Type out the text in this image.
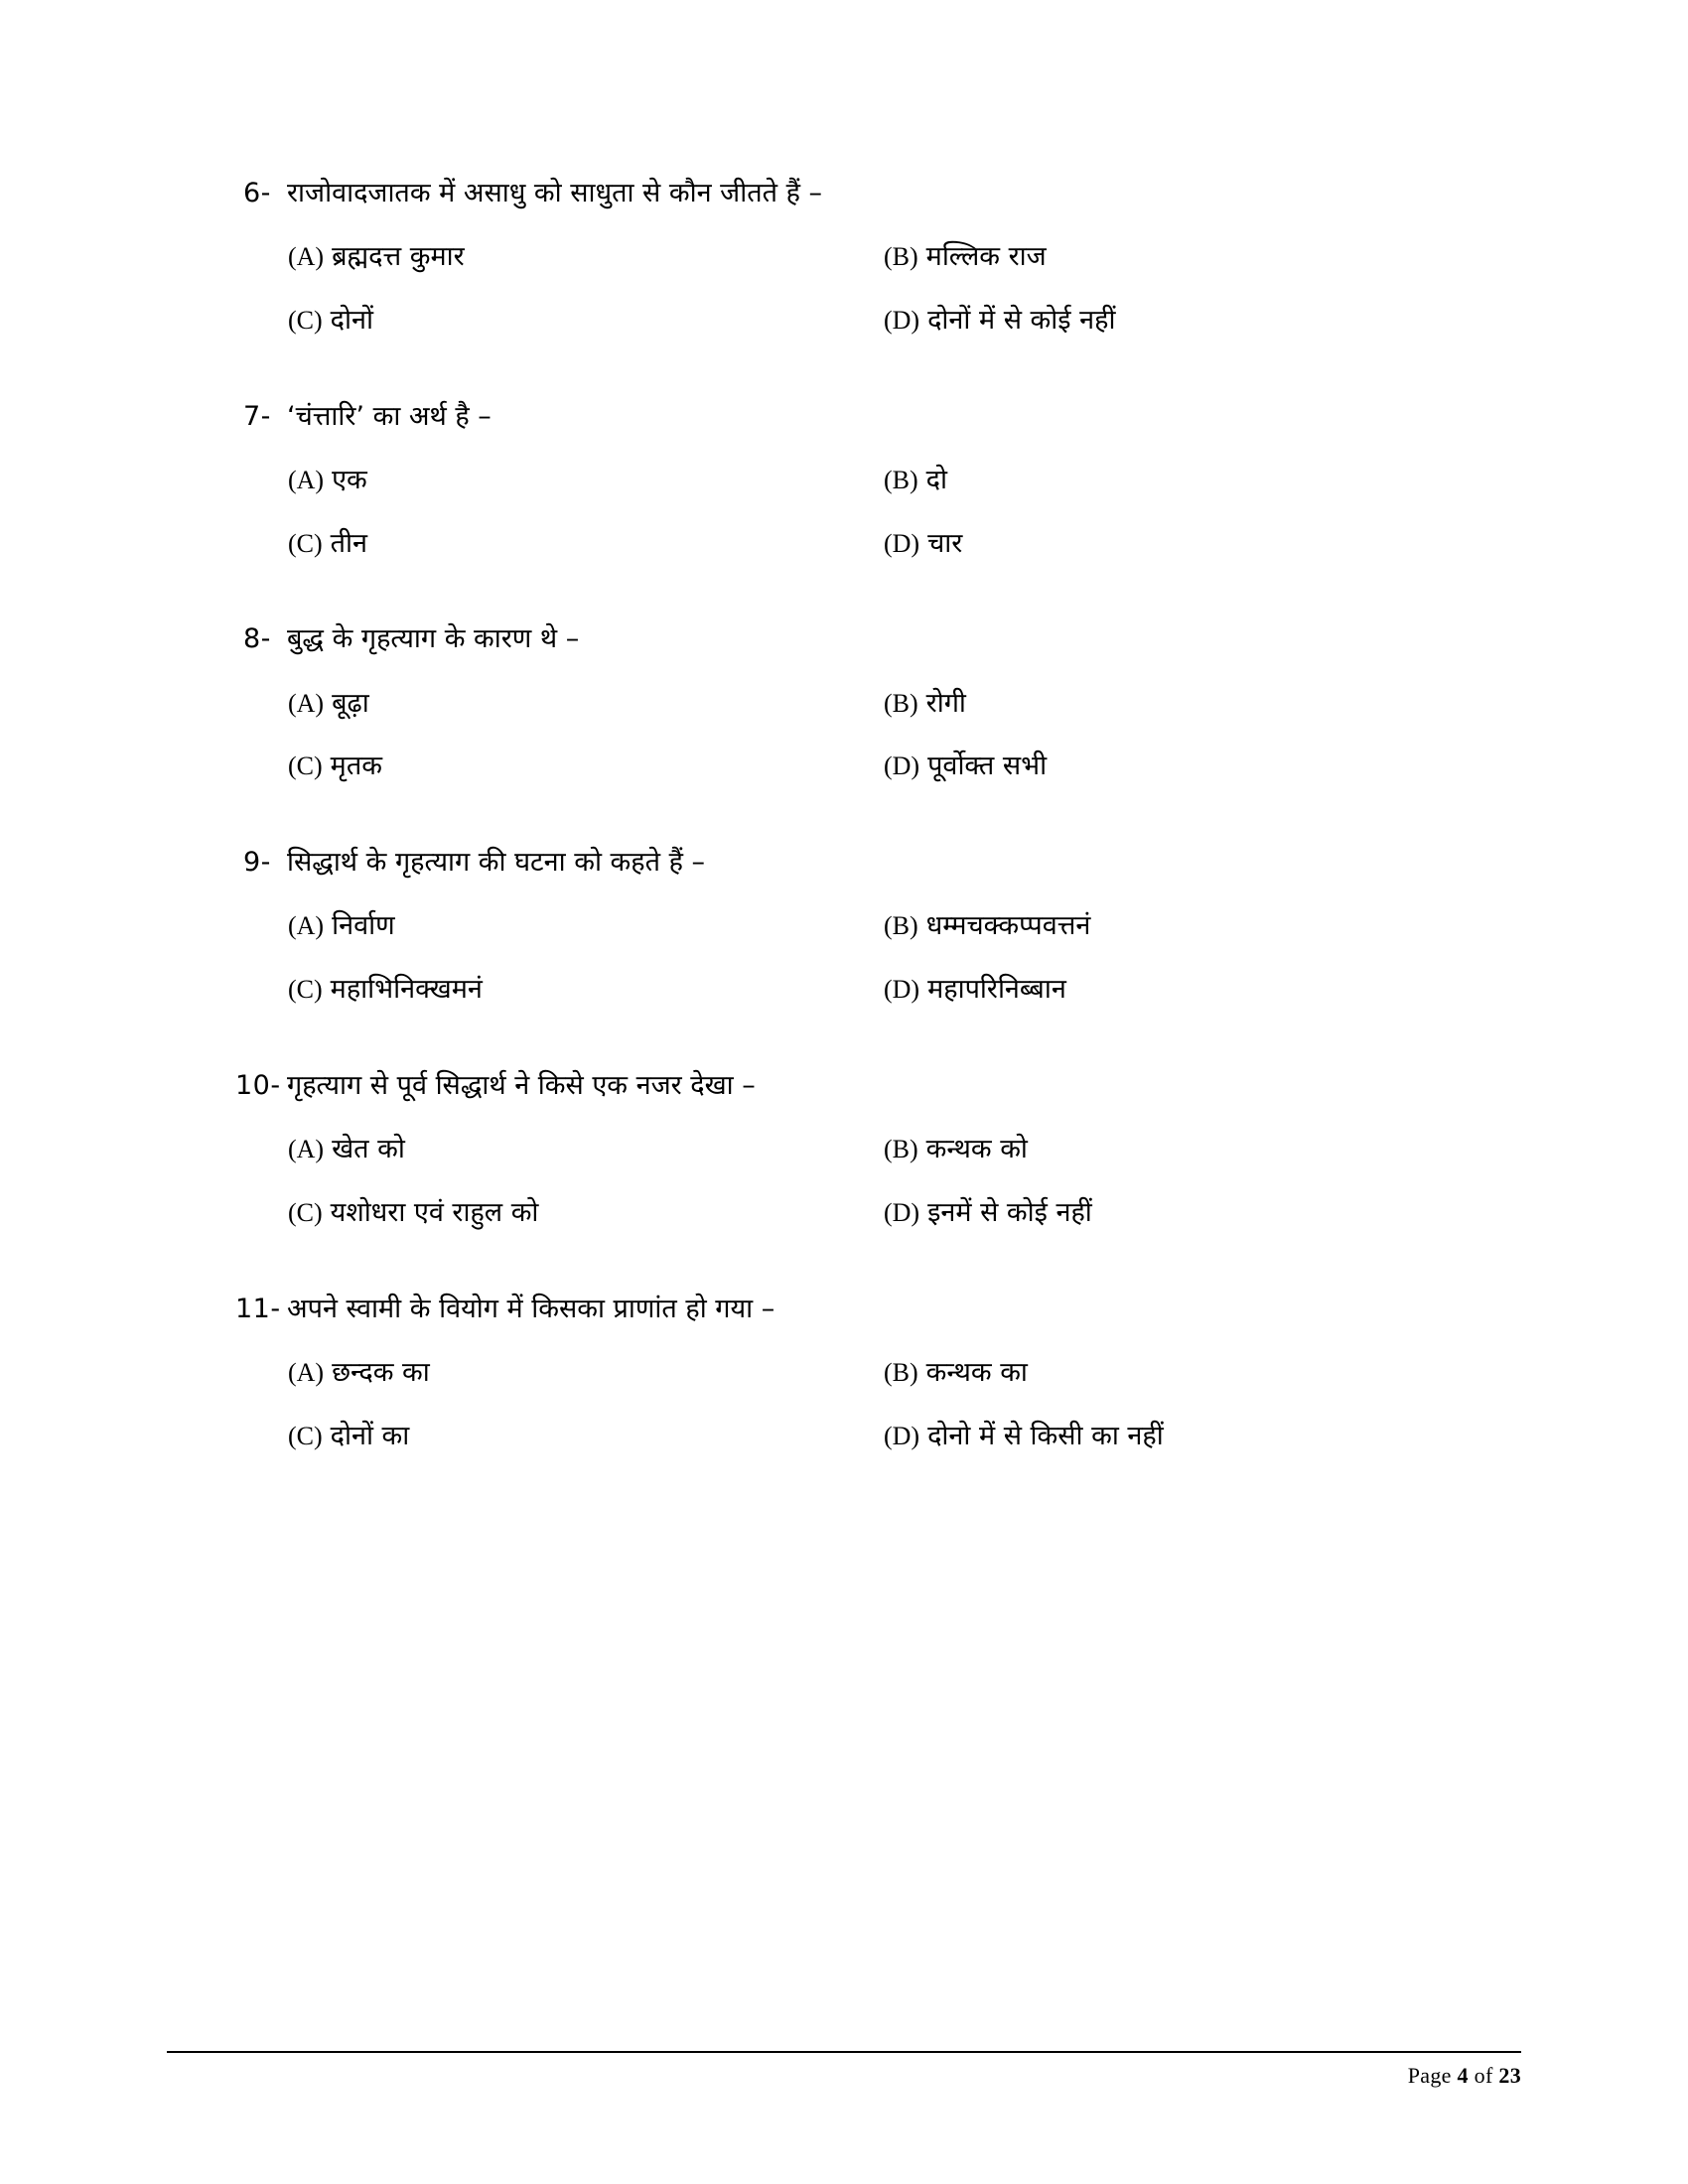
6- राजोवादजातक में असाधु को साधुता से कौन जीतते हैं –
(A) ब्रह्मदत्त कुमार	(B) मल्लिक राज
(C) दोनों	(D) दोनों में से कोई नहीं
7- ‘चंत्तारि’ का अर्थ है –
(A) एक	(B) दो
(C) तीन	(D) चार
8- बुद्ध के गृहत्याग के कारण थे –
(A) बूढ़ा	(B) रोगी
(C) मृतक	(D) पूर्वोक्त सभी
9- सिद्धार्थ के गृहत्याग की घटना को कहते हैं –
(A) निर्वाण	(B) धम्मचक्कप्पवत्तनं
(C) महाभिनिक्खमनं	(D) महापरिनिब्बान
10- गृहत्याग से पूर्व सिद्धार्थ ने किसे एक नजर देखा –
(A) खेत को	(B) कन्थक को
(C) यशोधरा एवं राहुल को	(D) इनमें से कोई नहीं
11- अपने स्वामी के वियोग में किसका प्राणांत हो गया –
(A) छन्दक का	(B) कन्थक का
(C) दोनों का	(D) दोनो में से किसी का नहीं
Page 4 of 23
